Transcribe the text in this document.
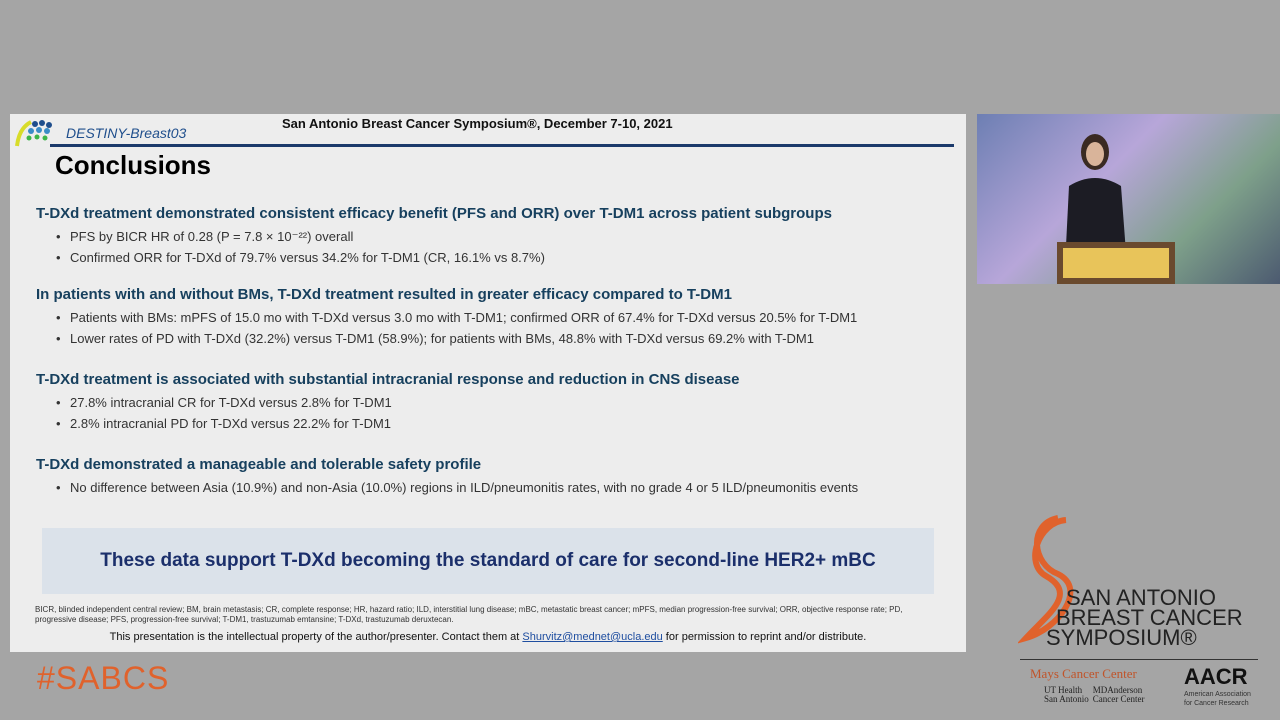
DESTINY-Breast03
San Antonio Breast Cancer Symposium®, December 7-10, 2021
Conclusions
T-DXd treatment demonstrated consistent efficacy benefit (PFS and ORR) over T-DM1 across patient subgroups
• PFS by BICR HR of 0.28 (P = 7.8 × 10⁻²²) overall
• Confirmed ORR for T-DXd of 79.7% versus 34.2% for T-DM1 (CR, 16.1% vs 8.7%)
In patients with and without BMs, T-DXd treatment resulted in greater efficacy compared to T-DM1
• Patients with BMs: mPFS of 15.0 mo with T-DXd versus 3.0 mo with T-DM1; confirmed ORR of 67.4% for T-DXd versus 20.5% for T-DM1
• Lower rates of PD with T-DXd (32.2%) versus T-DM1 (58.9%); for patients with BMs, 48.8% with T-DXd versus 69.2% with T-DM1
T-DXd treatment is associated with substantial intracranial response and reduction in CNS disease
• 27.8% intracranial CR for T-DXd versus 2.8% for T-DM1
• 2.8% intracranial PD for T-DXd versus 22.2% for T-DM1
T-DXd demonstrated a manageable and tolerable safety profile
• No difference between Asia (10.9%) and non-Asia (10.0%) regions in ILD/pneumonitis rates, with no grade 4 or 5 ILD/pneumonitis events
These data support T-DXd becoming the standard of care for second-line HER2+ mBC
BICR, blinded independent central review; BM, brain metastasis; CR, complete response; HR, hazard ratio; ILD, interstitial lung disease; mBC, metastatic breast cancer; mPFS, median progression-free survival; ORR, objective response rate; PD, progressive disease; PFS, progression-free survival; T-DM1, trastuzumab emtansine; T-DXd, trastuzumab deruxtecan.
This presentation is the intellectual property of the author/presenter. Contact them at Shurvitz@mednet@ucla.edu for permission to reprint and/or distribute.
#SABCS
SAN ANTONIO
BREAST CANCER
SYMPOSIUM®
Mays Cancer Center
UT Health San Antonio MDAnderson Cancer Center
AACR
American Association for Cancer Research
